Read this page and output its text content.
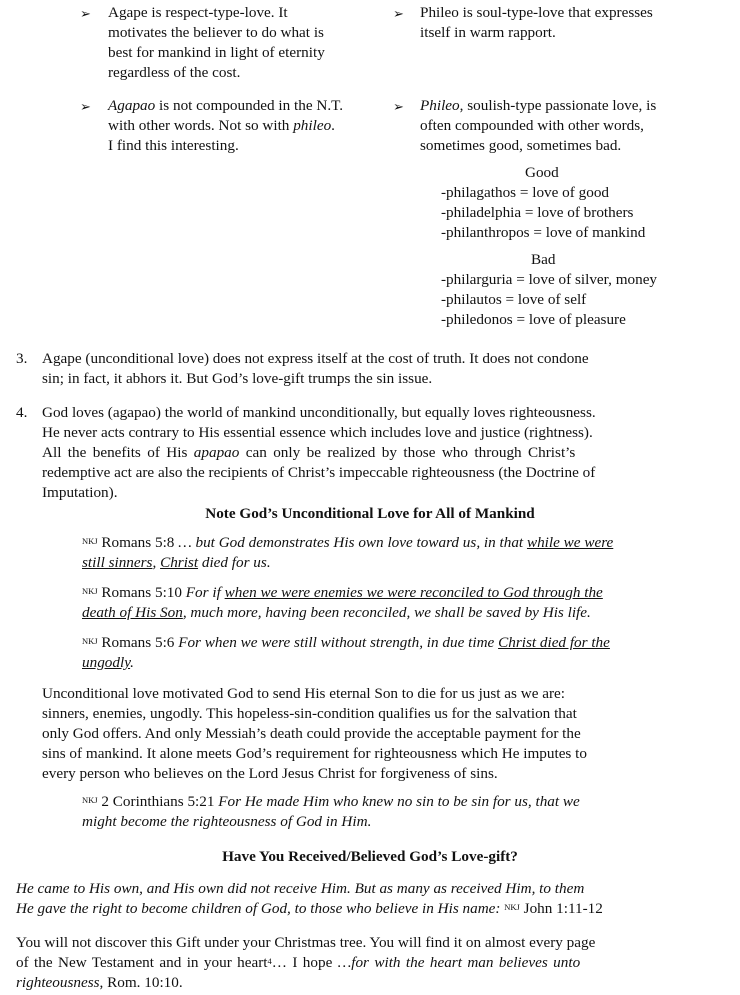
➢ Agape is respect-type-love. It
motivates the believer to do what is
best for mankind in light of eternity
regardless of the cost.
➢ Phileo is soul-type-love that expresses
itself in warm rapport.
➢ Agapao is not compounded in the N.T.
with other words. Not so with phileo.
I find this interesting.
➢ Phileo, soulish-type passionate love, is
often compounded with other words,
sometimes good, sometimes bad.
Good
-philagathos = love of good
-philadelphia = love of brothers
-philanthropos = love of mankind
Bad
-philarguria = love of silver, money
-philautos = love of self
-philedonos = love of pleasure
3. Agape (unconditional love) does not express itself at the cost of truth. It does not condone
sin; in fact, it abhors it. But God’s love-gift trumps the sin issue.
4. God loves (agapao) the world of mankind unconditionally, but equally loves righteousness.
He never acts contrary to His essential essence which includes love and justice (rightness).
All the benefits of His apapao can only be realized by those who through Christ’s
redemptive act are also the recipients of Christ’s impeccable righteousness (the Doctrine of
Imputation).
Note God’s Unconditional Love for All of Mankind
$^{NKJ}$ Romans 5:8 … but God demonstrates His own love toward us, in that while we were
still sinners, Christ died for us.
$^{NKJ}$ Romans 5:10 For if when we were enemies we were reconciled to God through the
death of His Son, much more, having been reconciled, we shall be saved by His life.
$^{NKJ}$ Romans 5:6 For when we were still without strength, in due time Christ died for the
ungodly.
Unconditional love motivated God to send His eternal Son to die for us just as we are:
sinners, enemies, ungodly. This hopeless-sin-condition qualifies us for the salvation that
only God offers. And only Messiah’s death could provide the acceptable payment for the
sins of mankind. It alone meets God’s requirement for righteousness which He imputes to
every person who believes on the Lord Jesus Christ for forgiveness of sins.
$^{NKJ}$ 2 Corinthians 5:21 For He made Him who knew no sin to be sin for us, that we
might become the righteousness of God in Him.
Have You Received/Believed God’s Love-gift?
He came to His own, and His own did not receive Him. But as many as received Him, to them
He gave the right to become children of God, to those who believe in His name: $^{NKJ}$ John 1:11-12
You will not discover this Gift under your Christmas tree. You will find it on almost every page
of the New Testament and in your heart$^4$… I hope …for with the heart man believes unto
righteousness, Rom. 10:10.
